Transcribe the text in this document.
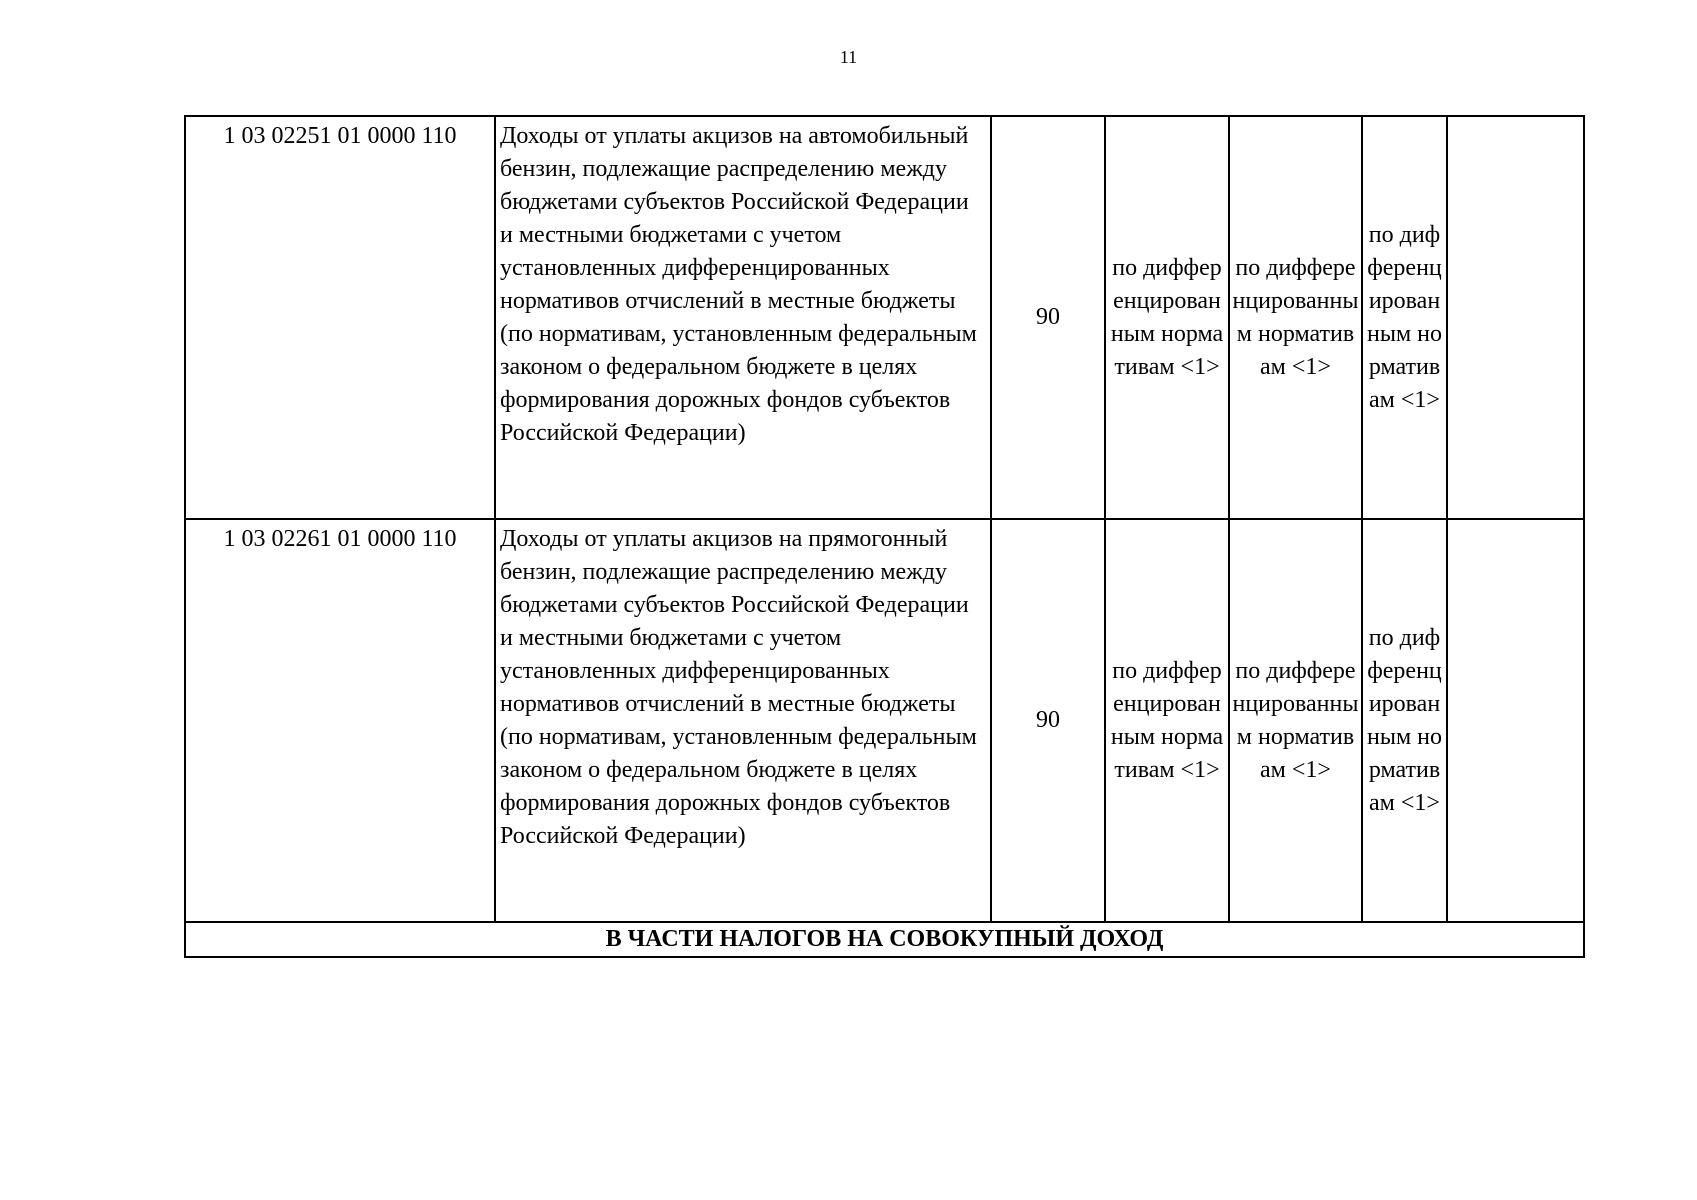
11
1 03 02251 01 0000 110	Доходы от уплаты акцизов на автомобильный бензин, подлежащие распределению между бюджетами субъектов Российской Федерации и местными бюджетами с учетом установленных дифференцированных нормативов отчислений в местные бюджеты (по нормативам, установленным федеральным законом о федеральном бюджете в целях формирования дорожных фондов субъектов Российской Федерации)	90	по дифференцированным нормативам <1>	по дифференцированным нормативам <1>	по дифференцированным нормативам <1>	
1 03 02261 01 0000 110	Доходы от уплаты акцизов на прямогонный бензин, подлежащие распределению между бюджетами субъектов Российской Федерации и местными бюджетами с учетом установленных дифференцированных нормативов отчислений в местные бюджеты (по нормативам, установленным федеральным законом о федеральном бюджете в целях формирования дорожных фондов субъектов Российской Федерации)	90	по дифференцированным нормативам <1>	по дифференцированным нормативам <1>	по дифференцированным нормативам <1>	
В ЧАСТИ НАЛОГОВ НА СОВОКУПНЫЙ ДОХОД						
